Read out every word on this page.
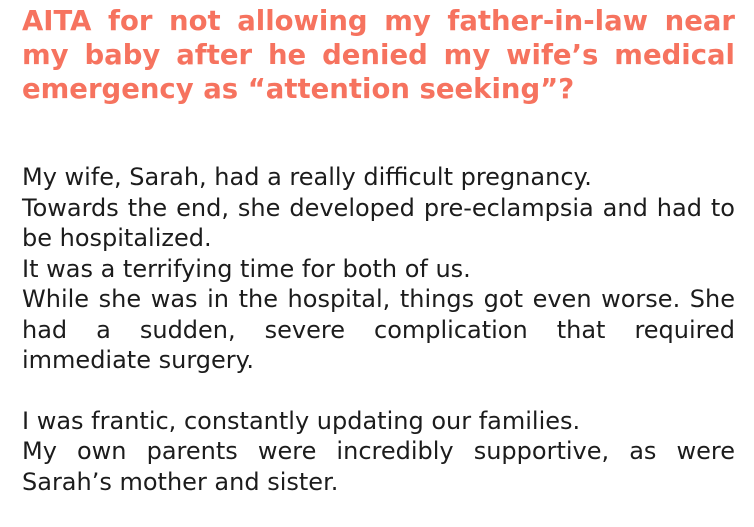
AITA for not allowing my father-in-law near my baby after he denied my wife’s medical emergency as “attention seeking”?

My wife, Sarah, had a really difficult pregnancy.

Towards the end, she developed pre-eclampsia and had to be hospitalized.

It was a terrifying time for both of us.

While she was in the hospital, things got even worse. She had a sudden, severe complication that required immediate surgery.

I was frantic, constantly updating our families.

My own parents were incredibly supportive, as were Sarah’s mother and sister.
